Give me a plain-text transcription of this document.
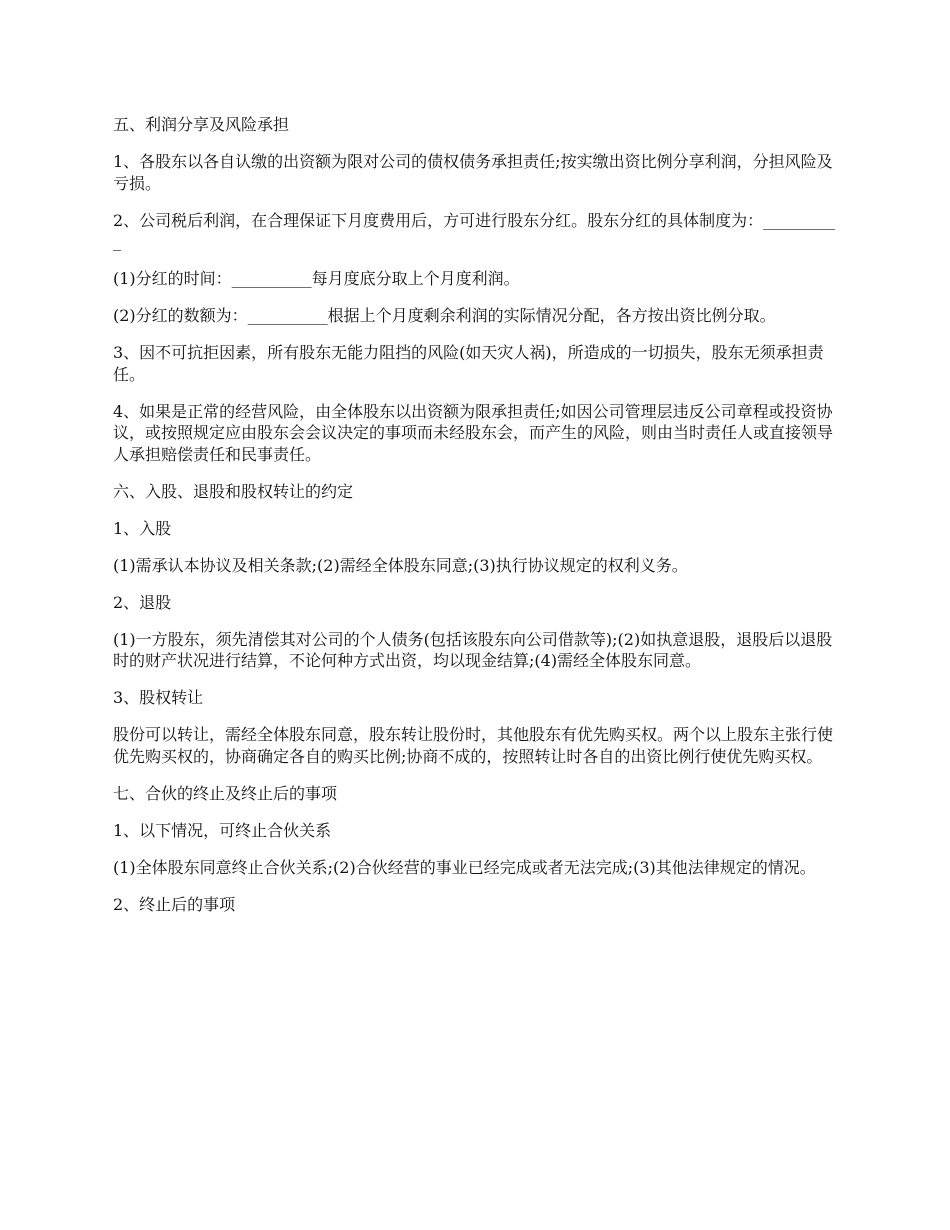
五、利润分享及风险承担

1、各股东以各自认缴的出资额为限对公司的债权债务承担责任;按实缴出资比例分享利润，分担风险及亏损。

2、公司税后利润，在合理保证下月度费用后，方可进行股东分红。股东分红的具体制度为：__________

(1)分红的时间：__________每月度底分取上个月度利润。

(2)分红的数额为：__________根据上个月度剩余利润的实际情况分配，各方按出资比例分取。

3、因不可抗拒因素，所有股东无能力阻挡的风险(如天灾人祸)，所造成的一切损失，股东无须承担责任。

4、如果是正常的经营风险，由全体股东以出资额为限承担责任;如因公司管理层违反公司章程或投资协议，或按照规定应由股东会会议决定的事项而未经股东会，而产生的风险，则由当时责任人或直接领导人承担赔偿责任和民事责任。

六、入股、退股和股权转让的约定

1、入股

(1)需承认本协议及相关条款;(2)需经全体股东同意;(3)执行协议规定的权利义务。

2、退股

(1)一方股东，须先清偿其对公司的个人债务(包括该股东向公司借款等);(2)如执意退股，退股后以退股时的财产状况进行结算，不论何种方式出资，均以现金结算;(4)需经全体股东同意。

3、股权转让

股份可以转让，需经全体股东同意，股东转让股份时，其他股东有优先购买权。两个以上股东主张行使优先购买权的，协商确定各自的购买比例;协商不成的，按照转让时各自的出资比例行使优先购买权。

七、合伙的终止及终止后的事项

1、以下情况，可终止合伙关系

(1)全体股东同意终止合伙关系;(2)合伙经营的事业已经完成或者无法完成;(3)其他法律规定的情况。

2、终止后的事项
